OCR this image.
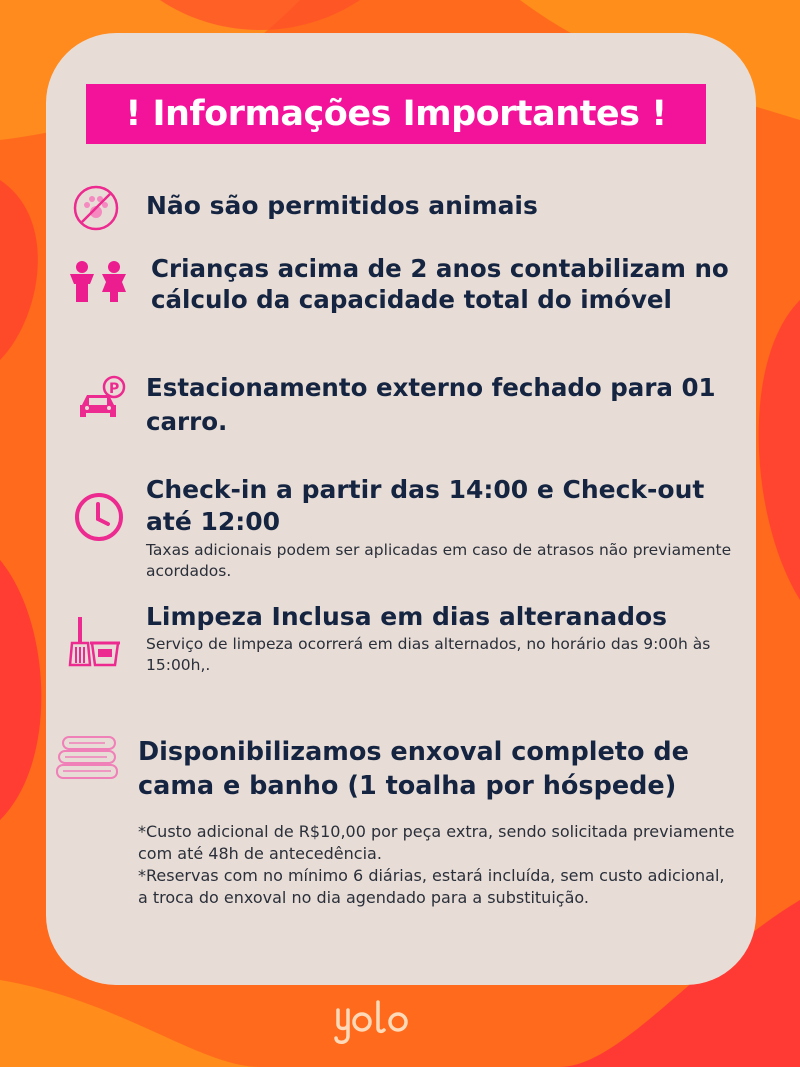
! Informações Importantes !

Não são permitidos animais

Crianças acima de 2 anos contabilizam no cálculo da capacidade total do imóvel

P Estacionamento externo fechado para 01 carro.

Check-in a partir das 14:00 e Check-out até 12:00

Taxas adicionais podem ser aplicadas em caso de atrasos não previamente acordados.

Limpeza Inclusa em dias alteranados

Serviço de limpeza ocorrerá em dias alternados, no horário das 9:00h às 15:00h,.

Disponibilizamos enxoval completo de cama e banho (1 toalha por hóspede)

*Custo adicional de R$10,00 por peça extra, sendo solicitada previamente com até 48h de antecedência.

*Reservas com no mínimo 6 diárias, estará incluída, sem custo adicional, a troca do enxoval no dia agendado para a substituição.
